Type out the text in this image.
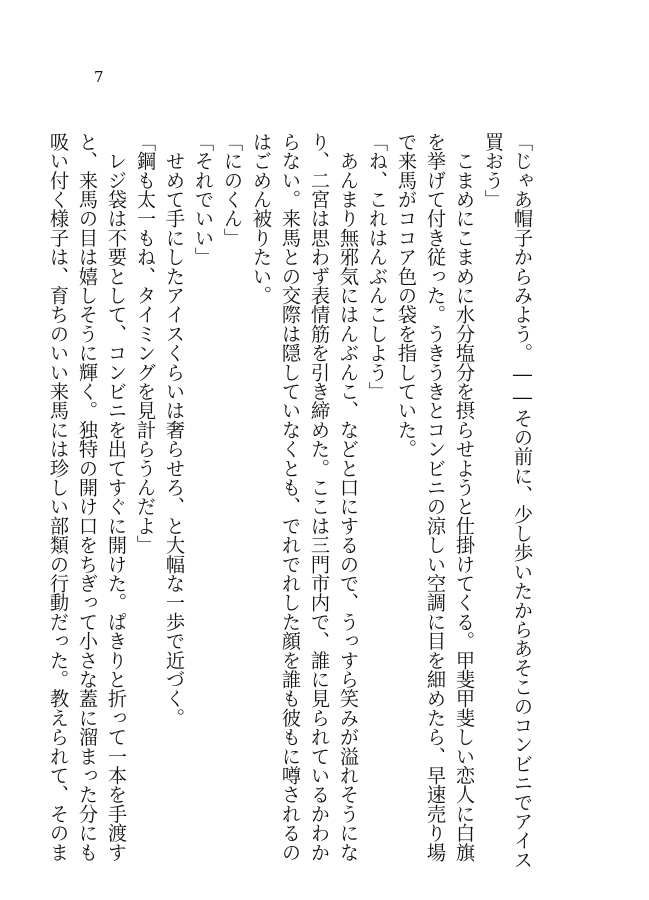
7
「じゃあ帽子からみよう。――その前に、少し歩いたからあそこのコンビニでアイス
買おう」
　こまめにこまめに水分塩分を摂らせようと仕掛けてくる。甲斐甲斐しい恋人に白旗
を挙げて付き従った。うきうきとコンビニの涼しい空調に目を細めたら、早速売り場
で来馬がココア色の袋を指していた。
「ね、これはんぶんこしよう」
　あんまり無邪気にはんぶんこ、などと口にするので、うっすら笑みが溢れそうにな
り、二宮は思わず表情筋を引き締めた。ここは三門市内で、誰に見られているかわか
らない。来馬との交際は隠していなくとも、でれでれした顔を誰も彼もに噂されるの
はごめん被りたい。
「にのくん」
「それでいい」
　せめて手にしたアイスくらいは奢らせろ、と大幅な一歩で近づく。
「鋼も太一もね、タイミングを見計らうんだよ」
　レジ袋は不要として、コンビニを出てすぐに開けた。ぱきりと折って一本を手渡す
と、来馬の目は嬉しそうに輝く。独特の開け口をちぎって小さな蓋に溜まった分にも
吸い付く様子は、育ちのいい来馬には珍しい部類の行動だった。教えられて、そのま
